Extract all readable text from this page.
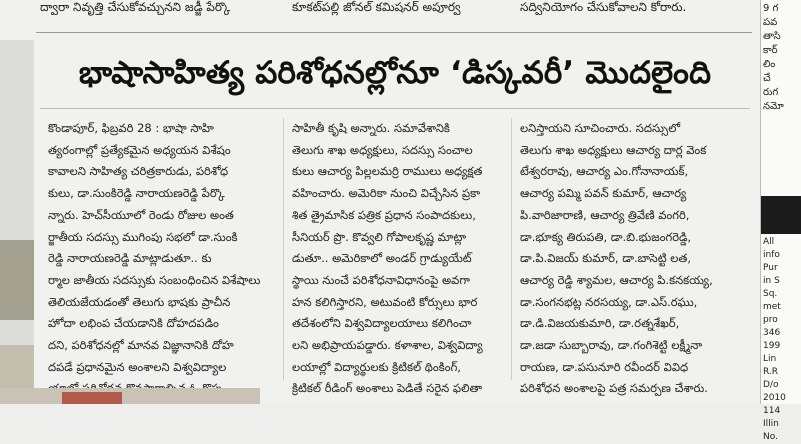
ద్వారా నివృత్తి చేసుకోవచ్చునని జడ్జీ పేర్కొ	కూకట్‌పల్లి జోనల్ కమిషనర్ అపూర్వ	సద్వినియోగం చేసుకోవాలని కోరారు.

భాషాసాహిత్య పరిశోధనల్లోనూ ‘డిస్కవరీ’ మొదలైంది

కొండాపూర్, ఫిబ్రవరి 28 : భాషా సాహి

త్యరంగాల్లో ప్రత్యేకమైన అధ్యయన విశేషం

కావాలని సాహిత్య చరిత్రకారుడు, పరిశోధ

కులు, డా.సుంకిరెడ్డి నారాయణరెడ్డి పేర్కొ

న్నారు. హెచ్‌సీయూలో రెండు రోజుల అంత

ర్జాతీయ సదస్సు ముగింపు సభలో డా.సుంకి

రెడ్డి నారాయణరెడ్డి మాట్లాడుతూ.. కు

ర్మాల జాతీయ సదస్సుకు సంబంధించిన విశేషాలు

తెలియజేయడంతో తెలుగు భాషకు ప్రాచీన

హోదా లభింప చేయడానికి దోహదపడిం

దని, పరిశోధనల్లో మానవ విజ్ఞానానికి దోహ

దపడే ప్రధానమైన అంశాలని విశ్వవిద్యాల

సాహితీ కృషి అన్నారు. సమావేశానికి

తెలుగు శాఖ అధ్యక్షులు, సదస్సు సంచాల

కులు ఆచార్య పిల్లలమర్రి రాములు అధ్యక్షత

వహించారు. అమెరికా నుంచి విచ్చేసిన ప్రకా

శిత త్రైమాసిక పత్రిక ప్రధాన సంపాదకులు,

సీనియర్ ప్రొ. కొవ్వలి గోపాలకృష్ణ మాట్లా

డుతూ.. అమెరికాలో అండర్ గ్రాడ్యుయేట్

స్థాయి నుంచే పరిశోధనావిధానంపై అవగా

హన కలిగిస్తారని, అటువంటి కోర్సులు భార

తదేశంలోని విశ్వవిద్యాలయాలు కలిగించా

లని అభిప్రాయపడ్డారు. కళాశాల, విశ్వవిద్యా

లయాల్లో విద్యార్థులకు క్రిటికల్ థింకింగ్,

క్రిటికల్ రీడింగ్ అంశాలు పెడితే సరైన ఫలితా

లనిస్తాయని సూచించారు. సదస్సులో

తెలుగు శాఖ అధ్యక్షులు ఆచార్య దార్ల వెంక

టేశ్వరరావు, ఆచార్య ఎం.గోనానాయక్,

ఆచార్య పమ్మి పవన్ కుమార్, ఆచార్య

పి.వారిజారాణి, ఆచార్య త్రివేణి వంగరి,

డా.భూక్య తిరుపతి, డా.బి.భుజంగరెడ్డి,

డా.పి.విజయ్ కుమార్, డా.బాసెట్టి లత,

ఆచార్య రెడ్డి శ్యామల, ఆచార్య పి.కనకయ్య,

డా.సంగనభట్ల నరసయ్య, డా.ఎస్.రఘు,

డా.డి.విజయకుమారి, డా.రత్నశేఖర్,

డా.జడా సుబ్బారావు, డా.గంగిశెట్టి లక్ష్మీనా

రాయణ, డా.పసునూరి రవీందర్ వివిధ

పరిశోధన అంశాలపై పత్ర సమర్పణ చేశారు.

9 గ

పవ

తాసి

కార్

లిం

చే

రుగ

నమో

All

info

Pur

in S

Sq.

met

pro

346

199

Lin

R.R

D/o

2010

114

Illin

No.
